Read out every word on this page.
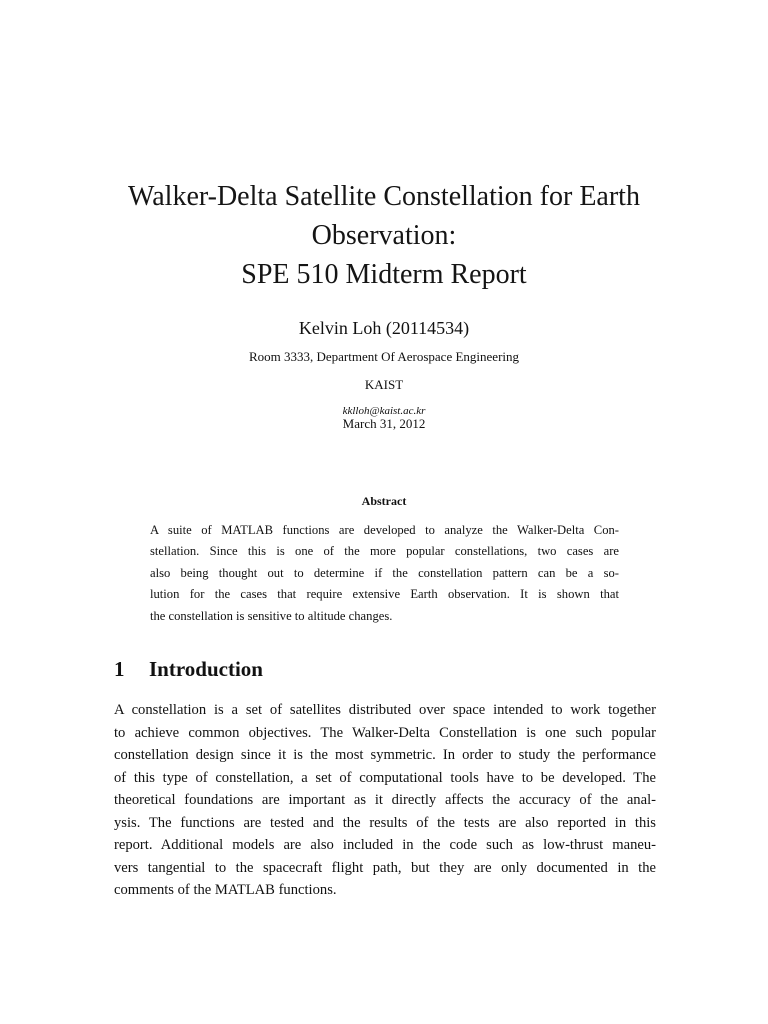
Walker-Delta Satellite Constellation for Earth
Observation:
SPE 510 Midterm Report
Kelvin Loh (20114534)
Room 3333, Department Of Aerospace Engineering
KAIST
kklloh@kaist.ac.kr
March 31, 2012
Abstract
A suite of MATLAB functions are developed to analyze the Walker-Delta Con-
stellation. Since this is one of the more popular constellations, two cases are
also being thought out to determine if the constellation pattern can be a so-
lution for the cases that require extensive Earth observation. It is shown that
the constellation is sensitive to altitude changes.
1 Introduction
A constellation is a set of satellites distributed over space intended to work together
to achieve common objectives. The Walker-Delta Constellation is one such popular
constellation design since it is the most symmetric. In order to study the performance
of this type of constellation, a set of computational tools have to be developed. The
theoretical foundations are important as it directly affects the accuracy of the anal-
ysis. The functions are tested and the results of the tests are also reported in this
report. Additional models are also included in the code such as low-thrust maneu-
vers tangential to the spacecraft flight path, but they are only documented in the
comments of the MATLAB functions.
